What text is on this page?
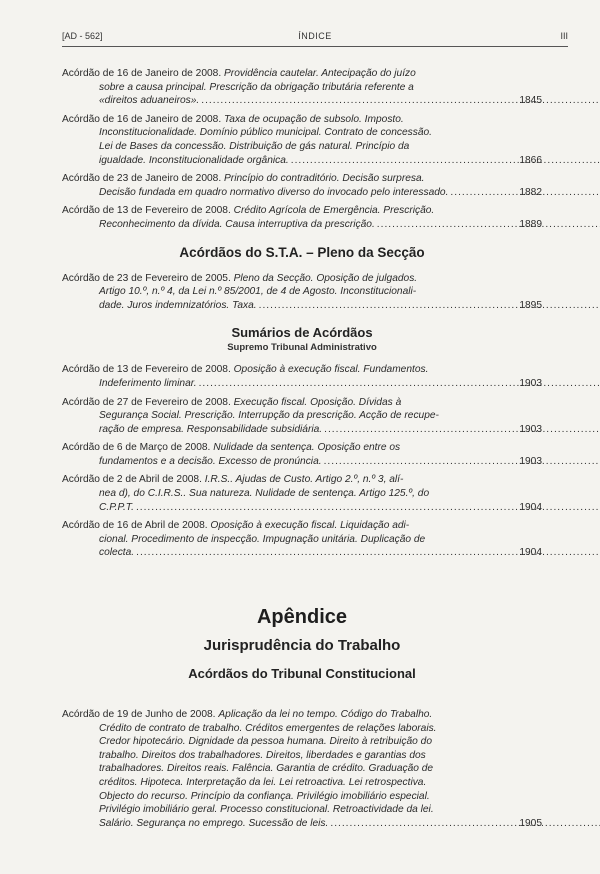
[AD - 562]	ÍNDICE	III
Acórdão de 16 de Janeiro de 2008. Providência cautelar. Antecipação do juízo
sobre a causa principal. Prescrição da obrigação tributária referente a
«direitos aduaneiros». .....	1845
Acórdão de 16 de Janeiro de 2008. Taxa de ocupação de subsolo. Imposto.
Inconstitucionalidade. Domínio público municipal. Contrato de concessão.
Lei de Bases da concessão. Distribuição de gás natural. Princípio da
igualdade. Inconstitucionalidade orgânica. .....	1866
Acórdão de 23 de Janeiro de 2008. Princípio do contraditório. Decisão surpresa.
Decisão fundada em quadro normativo diverso do invocado pelo interessado. .....	1882
Acórdão de 13 de Fevereiro de 2008. Crédito Agrícola de Emergência. Prescrição.
Reconhecimento da dívida. Causa interruptiva da prescrição. .....	1889
Acórdãos do S.T.A. – Pleno da Secção
Acórdão de 23 de Fevereiro de 2005. Pleno da Secção. Oposição de julgados.
Artigo 10.º, n.º 4, da Lei n.º 85/2001, de 4 de Agosto. Inconstitucionali-
dade. Juros indemnizatórios. Taxa. .....	1895
Sumários de Acórdãos
Supremo Tribunal Administrativo
Acórdão de 13 de Fevereiro de 2008. Oposição à execução fiscal. Fundamentos.
Indeferimento liminar. .....	1903
Acórdão de 27 de Fevereiro de 2008. Execução fiscal. Oposição. Dívidas à
Segurança Social. Prescrição. Interrupção da prescrição. Acção de recupe-
ração de empresa. Responsabilidade subsidiária. .....	1903
Acórdão de 6 de Março de 2008. Nulidade da sentença. Oposição entre os
fundamentos e a decisão. Excesso de pronúncia. .....	1903
Acórdão de 2 de Abril de 2008. I.R.S.. Ajudas de Custo. Artigo 2.º, n.º 3, alí-
nea d), do C.I.R.S.. Sua natureza. Nulidade de sentença. Artigo 125.º, do
C.P.P.T. .....	1904
Acórdão de 16 de Abril de 2008. Oposição à execução fiscal. Liquidação adi-
cional. Procedimento de inspecção. Impugnação unitária. Duplicação de
colecta. .....	1904
Apêndice
Jurisprudência do Trabalho
Acórdãos do Tribunal Constitucional
Acórdão de 19 de Junho de 2008. Aplicação da lei no tempo. Código do Trabalho.
Crédito de contrato de trabalho. Créditos emergentes de relações laborais.
Credor hipotecário. Dignidade da pessoa humana. Direito à retribuição do
trabalho. Direitos dos trabalhadores. Direitos, liberdades e garantias dos
trabalhadores. Direitos reais. Falência. Garantia de crédito. Graduação de
créditos. Hipoteca. Interpretação da lei. Lei retroactiva. Lei retrospectiva.
Objecto do recurso. Princípio da confiança. Privilégio imobiliário especial.
Privilégio imobiliário geral. Processo constitucional. Retroactividade da lei.
Salário. Segurança no emprego. Sucessão de leis. .....	1905
